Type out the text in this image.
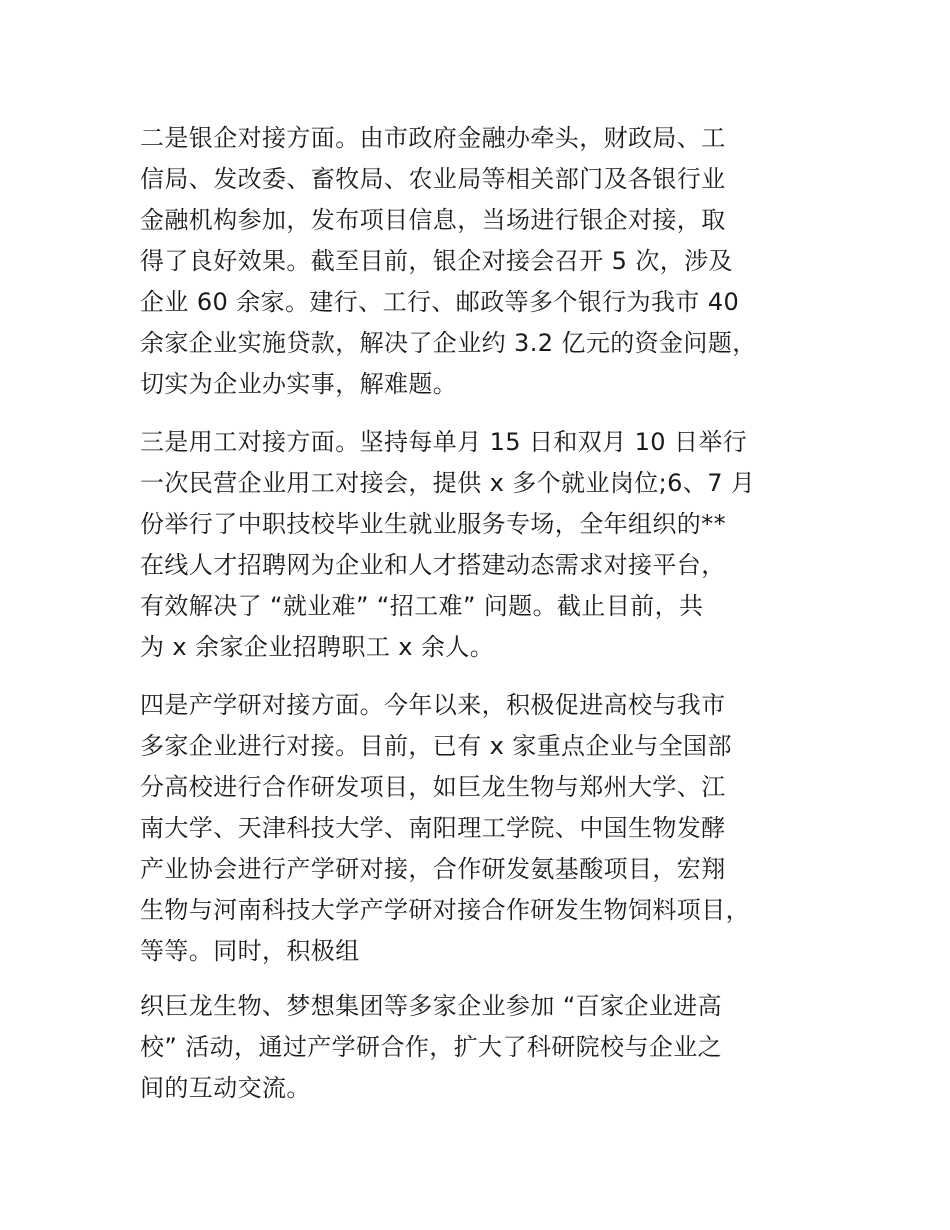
二是银企对接方面。由市政府金融办牵头，财政局、工
信局、发改委、畜牧局、农业局等相关部门及各银行业
金融机构参加，发布项目信息，当场进行银企对接，取
得了良好效果。截至目前，银企对接会召开 5 次，涉及
企业 60 余家。建行、工行、邮政等多个银行为我市 40
余家企业实施贷款，解决了企业约 3.2 亿元的资金问题，
切实为企业办实事，解难题。
三是用工对接方面。坚持每单月 15 日和双月 10 日举行
一次民营企业用工对接会，提供 x 多个就业岗位;6、7 月
份举行了中职技校毕业生就业服务专场，全年组织的**
在线人才招聘网为企业和人才搭建动态需求对接平台，
有效解决了 “就业难” “招工难” 问题。截止目前，共
为 x 余家企业招聘职工 x 余人。
四是产学研对接方面。今年以来，积极促进高校与我市
多家企业进行对接。目前，已有 x 家重点企业与全国部
分高校进行合作研发项目，如巨龙生物与郑州大学、江
南大学、天津科技大学、南阳理工学院、中国生物发酵
产业协会进行产学研对接，合作研发氨基酸项目，宏翔
生物与河南科技大学产学研对接合作研发生物饲料项目，
等等。同时，积极组
织巨龙生物、梦想集团等多家企业参加 “百家企业进高
校” 活动，通过产学研合作，扩大了科研院校与企业之
间的互动交流。
